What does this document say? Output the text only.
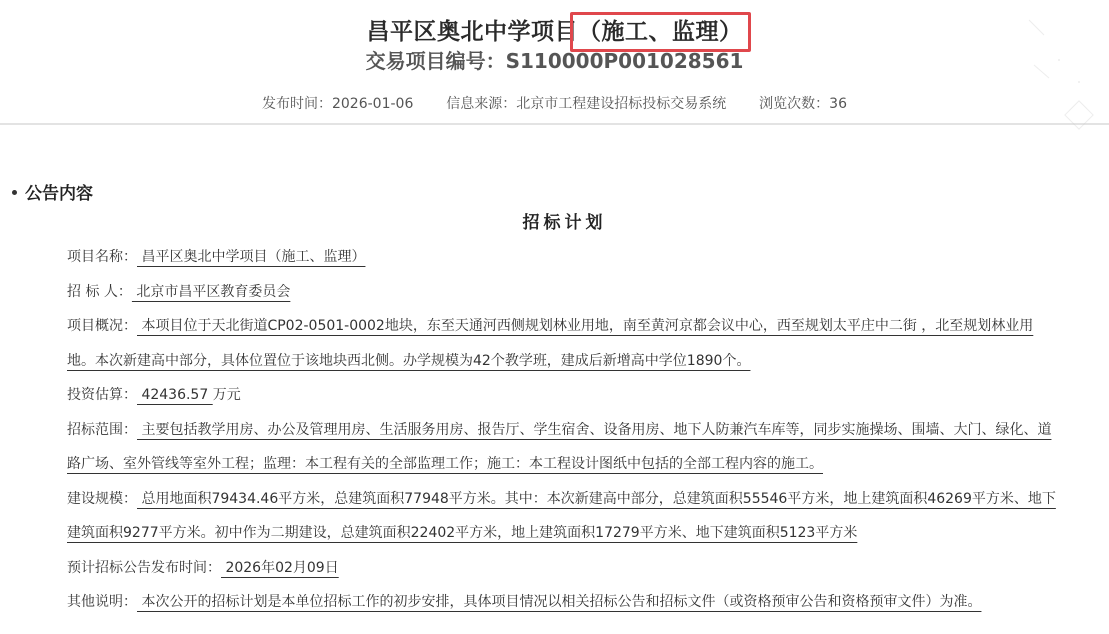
昌平区奥北中学项目（施工、监理）
交易项目编号：S110000P001028561
发布时间：2026-01-06 信息来源：北京市工程建设招标投标交易系统 浏览次数：36
公告内容
招标计划
项目名称： 昌平区奥北中学项目（施工、监理）
招 标 人： 北京市昌平区教育委员会
项目概况： 本项目位于天北街道CP02-0501-0002地块，东至天通河西侧规划林业用地，南至黄河京都会议中心，西至规划太平庄中二街 ，北至规划林业用地。本次新建高中部分，具体位置位于该地块西北侧。办学规模为42个教学班，建成后新增高中学位1890个。
投资估算： 42436.57 万元
招标范围： 主要包括教学用房、办公及管理用房、生活服务用房、报告厅、学生宿舍、设备用房、地下人防兼汽车库等，同步实施操场、围墙、大门、绿化、道路广场、室外管线等室外工程；监理：本工程有关的全部监理工作；施工：本工程设计图纸中包括的全部工程内容的施工。
建设规模： 总用地面积79434.46平方米，总建筑面积77948平方米。其中：本次新建高中部分，总建筑面积55546平方米，地上建筑面积46269平方米、地下建筑面积9277平方米。初中作为二期建设，总建筑面积22402平方米，地上建筑面积17279平方米、地下建筑面积5123平方米
预计招标公告发布时间： 2026年02月09日
其他说明： 本次公开的招标计划是本单位招标工作的初步安排，具体项目情况以相关招标公告和招标文件（或资格预审公告和资格预审文件）为准。
